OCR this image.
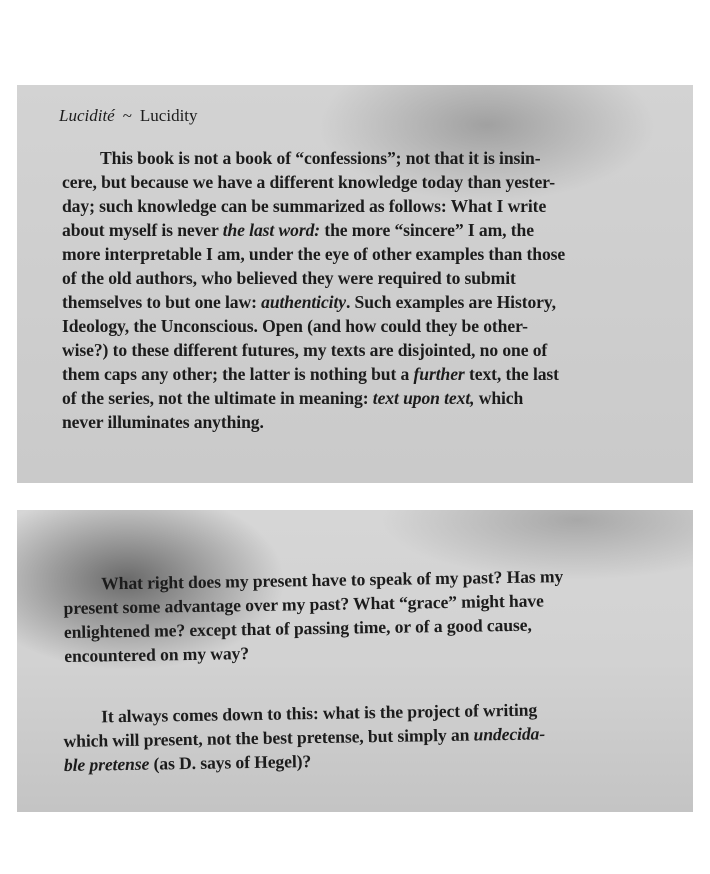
Lucidité ~ Lucidity

This book is not a book of “confessions”; not that it is insin-
cere, but because we have a different knowledge today than yester-
day; such knowledge can be summarized as follows: What I write
about myself is never the last word: the more “sincere” I am, the
more interpretable I am, under the eye of other examples than those
of the old authors, who believed they were required to submit
themselves to but one law: authenticity. Such examples are History,
Ideology, the Unconscious. Open (and how could they be other-
wise?) to these different futures, my texts are disjointed, no one of
them caps any other; the latter is nothing but a further text, the last
of the series, not the ultimate in meaning: text upon text, which
never illuminates anything.

What right does my present have to speak of my past? Has my
present some advantage over my past? What “grace” might have
enlightened me? except that of passing time, or of a good cause,
encountered on my way?

It always comes down to this: what is the project of writing
which will present, not the best pretense, but simply an undecida-
ble pretense (as D. says of Hegel)?
